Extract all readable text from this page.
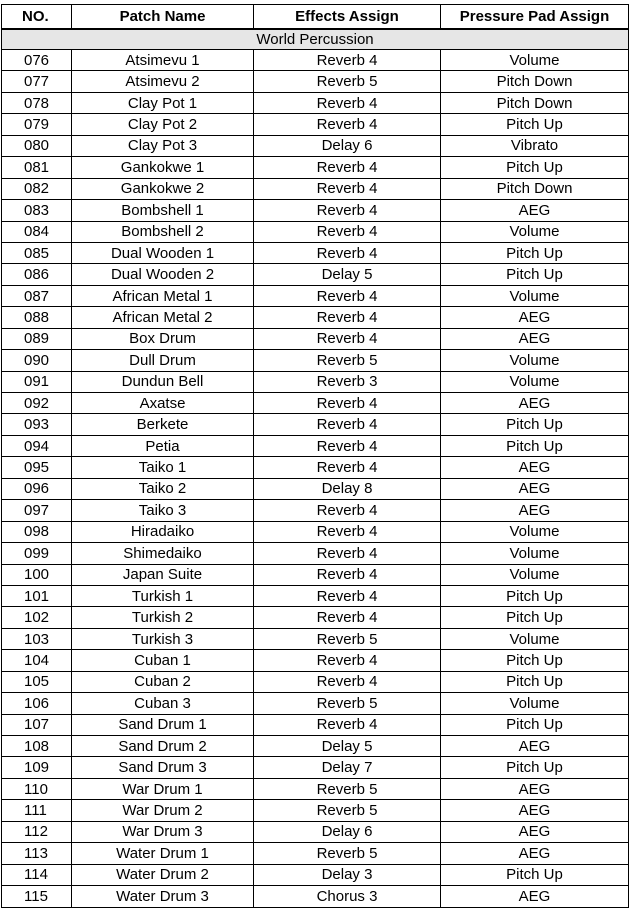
NO.	Patch Name	Effects Assign	Pressure Pad Assign
World Percussion			
076	Atsimevu 1	Reverb 4	Volume
077	Atsimevu 2	Reverb 5	Pitch Down
078	Clay Pot 1	Reverb 4	Pitch Down
079	Clay Pot 2	Reverb 4	Pitch Up
080	Clay Pot 3	Delay 6	Vibrato
081	Gankokwe 1	Reverb 4	Pitch Up
082	Gankokwe 2	Reverb 4	Pitch Down
083	Bombshell 1	Reverb 4	AEG
084	Bombshell 2	Reverb 4	Volume
085	Dual Wooden 1	Reverb 4	Pitch Up
086	Dual Wooden 2	Delay 5	Pitch Up
087	African Metal 1	Reverb 4	Volume
088	African Metal 2	Reverb 4	AEG
089	Box Drum	Reverb 4	AEG
090	Dull Drum	Reverb 5	Volume
091	Dundun Bell	Reverb 3	Volume
092	Axatse	Reverb 4	AEG
093	Berkete	Reverb 4	Pitch Up
094	Petia	Reverb 4	Pitch Up
095	Taiko 1	Reverb 4	AEG
096	Taiko 2	Delay 8	AEG
097	Taiko 3	Reverb 4	AEG
098	Hiradaiko	Reverb 4	Volume
099	Shimedaiko	Reverb 4	Volume
100	Japan Suite	Reverb 4	Volume
101	Turkish 1	Reverb 4	Pitch Up
102	Turkish 2	Reverb 4	Pitch Up
103	Turkish 3	Reverb 5	Volume
104	Cuban 1	Reverb 4	Pitch Up
105	Cuban 2	Reverb 4	Pitch Up
106	Cuban 3	Reverb 5	Volume
107	Sand Drum 1	Reverb 4	Pitch Up
108	Sand Drum 2	Delay 5	AEG
109	Sand Drum 3	Delay 7	Pitch Up
110	War Drum 1	Reverb 5	AEG
111	War Drum 2	Reverb 5	AEG
112	War Drum 3	Delay 6	AEG
113	Water Drum 1	Reverb 5	AEG
114	Water Drum 2	Delay 3	Pitch Up
115	Water Drum 3	Chorus 3	AEG
